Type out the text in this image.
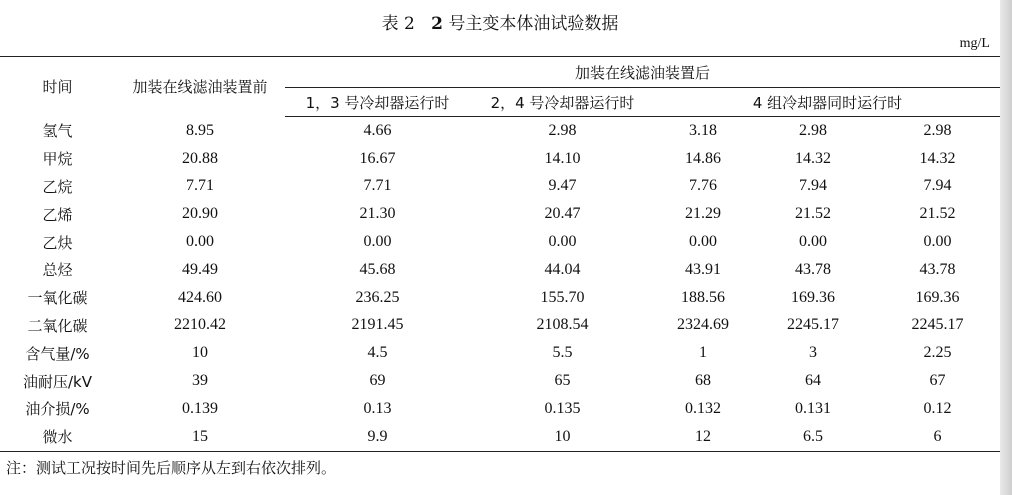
表 2 2 号主变本体油试验数据
mg/L
时间	加装在线滤油装置前	加装在线滤油装置后				
		1，3 号冷却器运行时	2，4 号冷却器运行时	4 组冷却器同时运行时		
氢气	8.95	4.66	2.98	3.18	2.98	2.98
甲烷	20.88	16.67	14.10	14.86	14.32	14.32
乙烷	7.71	7.71	9.47	7.76	7.94	7.94
乙烯	20.90	21.30	20.47	21.29	21.52	21.52
乙炔	0.00	0.00	0.00	0.00	0.00	0.00
总烃	49.49	45.68	44.04	43.91	43.78	43.78
一氧化碳	424.60	236.25	155.70	188.56	169.36	169.36
二氧化碳	2210.42	2191.45	2108.54	2324.69	2245.17	2245.17
含气量/%	10	4.5	5.5	1	3	2.25
油耐压/kV	39	69	65	68	64	67
油介损/%	0.139	0.13	0.135	0.132	0.131	0.12
微水	15	9.9	10	12	6.5	6
注：测试工况按时间先后顺序从左到右依次排列。
